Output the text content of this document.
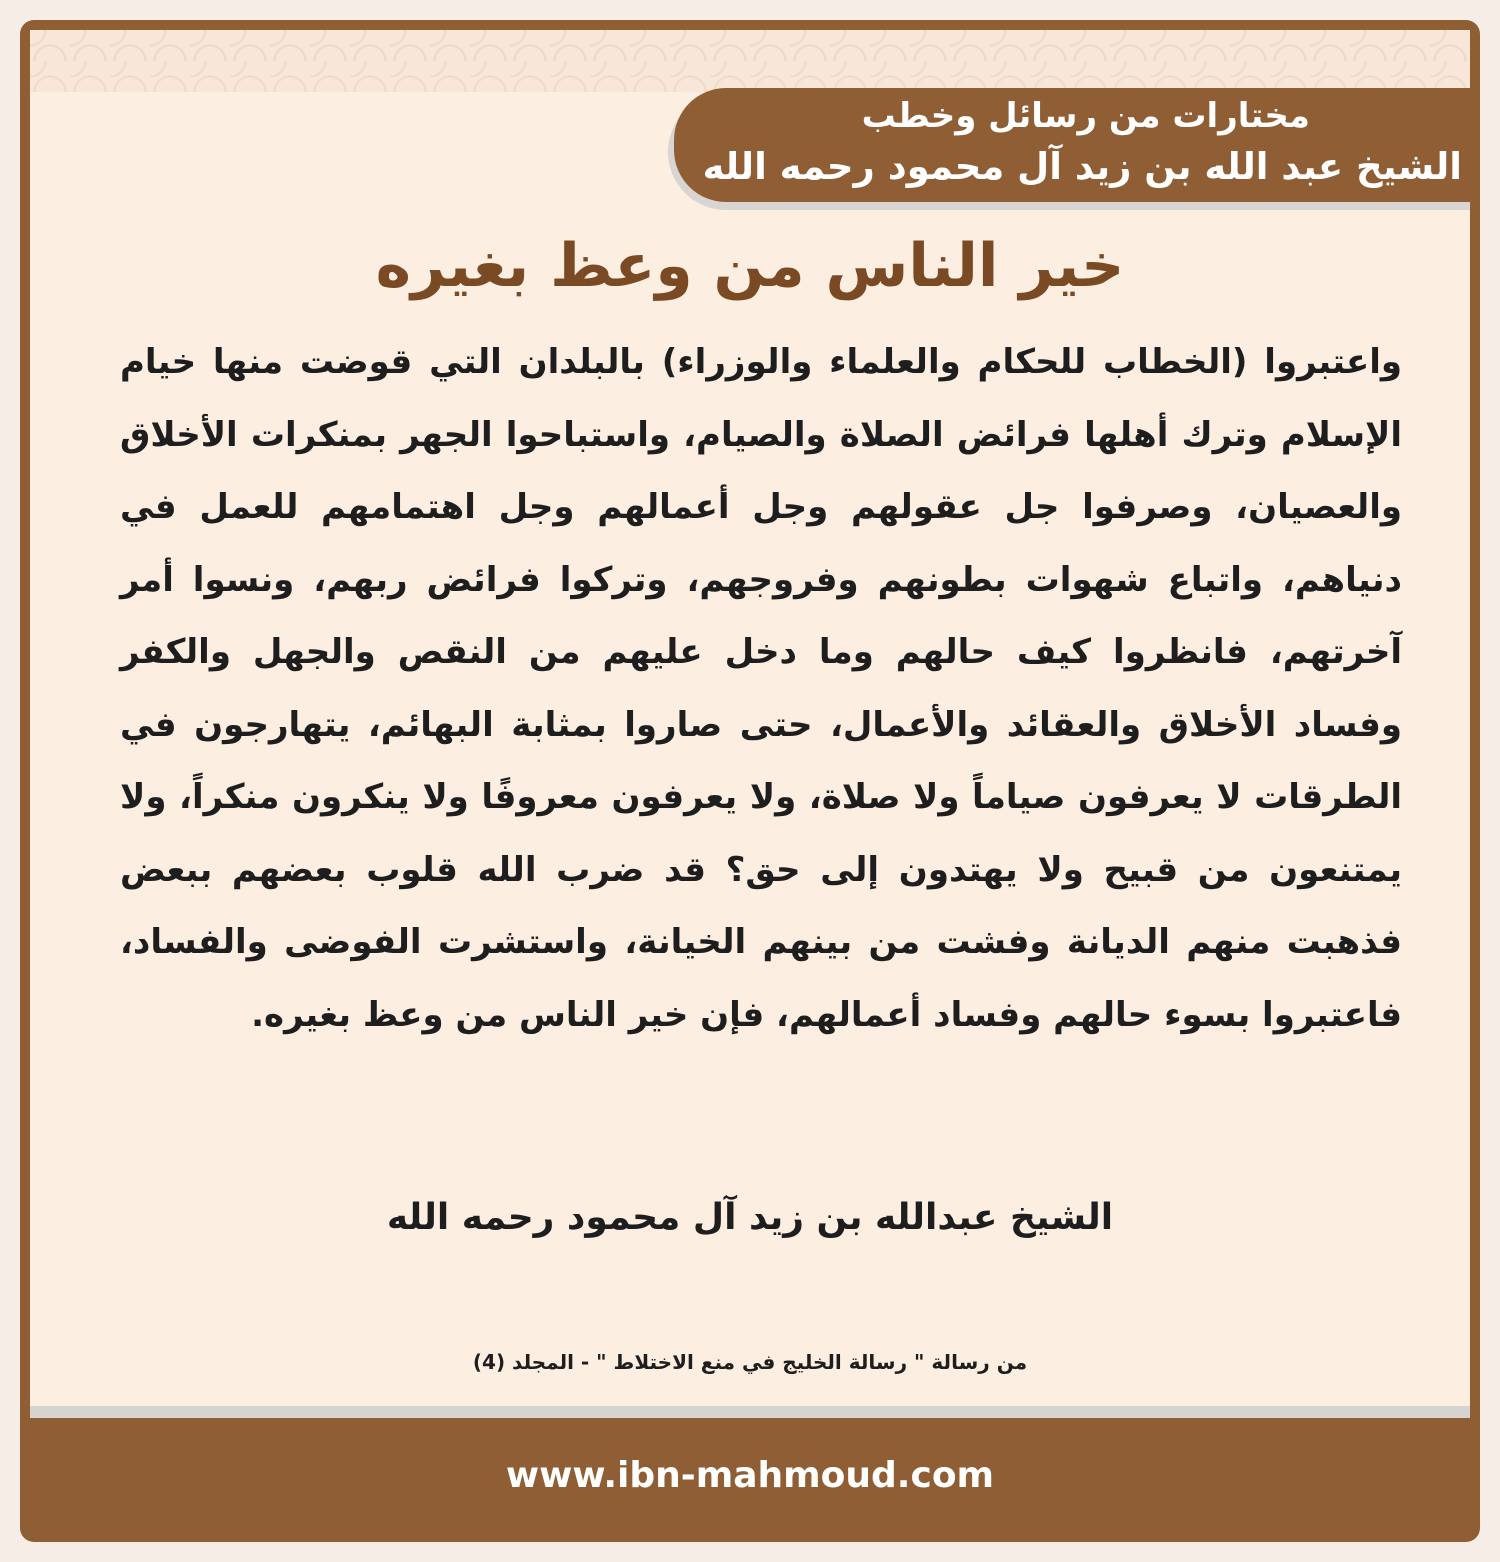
مختارات من رسائل وخطب
الشيخ عبد الله بن زيد آل محمود رحمه الله
خير الناس من وعظ بغيره
واعتبروا (الخطاب للحكام والعلماء والوزراء) بالبلدان التي قوضت منها خيام الإسلام وترك أهلها فرائض الصلاة والصيام، واستباحوا الجهر بمنكرات الأخلاق والعصيان، وصرفوا جل عقولهم وجل أعمالهم وجل اهتمامهم للعمل في دنياهم، واتباع شهوات بطونهم وفروجهم، وتركوا فرائض ربهم، ونسوا أمر آخرتهم، فانظروا كيف حالهم وما دخل عليهم من النقص والجهل والكفر وفساد الأخلاق والعقائد والأعمال، حتى صاروا بمثابة البهائم، يتهارجون في الطرقات لا يعرفون صياماً ولا صلاة، ولا يعرفون معروفًا ولا ينكرون منكراً، ولا يمتنعون من قبيح ولا يهتدون إلى حق؟ قد ضرب الله قلوب بعضهم ببعض فذهبت منهم الديانة وفشت من بينهم الخيانة، واستشرت الفوضى والفساد، فاعتبروا بسوء حالهم وفساد أعمالهم، فإن خير الناس من وعظ بغيره.
الشيخ عبدالله بن زيد آل محمود رحمه الله
من رسالة " رسالة الخليج في منع الاختلاط " - المجلد (4)
www.ibn-mahmoud.com
